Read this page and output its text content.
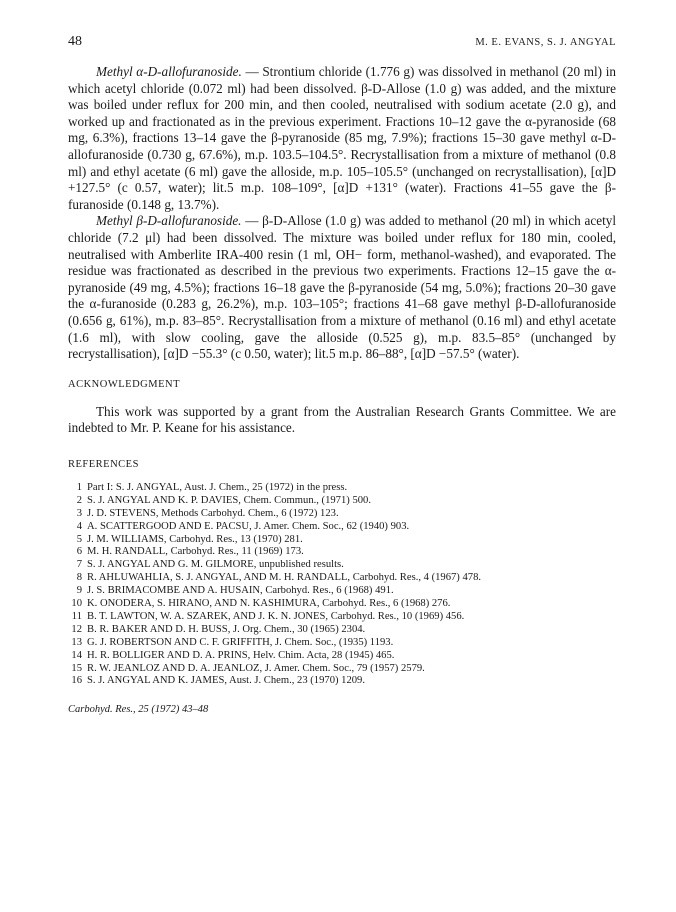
48	M. E. EVANS, S. J. ANGYAL

Methyl α-D-allofuranoside. — Strontium chloride (1.776 g) was dissolved in methanol (20 ml) in which acetyl chloride (0.072 ml) had been dissolved. β-D-Allose (1.0 g) was added, and the mixture was boiled under reflux for 200 min, and then cooled, neutralised with sodium acetate (2.0 g), and worked up and fractionated as in the previous experiment. Fractions 10–12 gave the α-pyranoside (68 mg, 6.3%), fractions 13–14 gave the β-pyranoside (85 mg, 7.9%); fractions 15–30 gave methyl α-D-allofuranoside (0.730 g, 67.6%), m.p. 103.5–104.5°. Recrystallisation from a mixture of methanol (0.8 ml) and ethyl acetate (6 ml) gave the alloside, m.p. 105–105.5° (unchanged on recrystallisation), [α]D +127.5° (c 0.57, water); lit.5 m.p. 108–109°, [α]D +131° (water). Fractions 41–55 gave the β-furanoside (0.148 g, 13.7%).

Methyl β-D-allofuranoside. — β-D-Allose (1.0 g) was added to methanol (20 ml) in which acetyl chloride (7.2 μl) had been dissolved. The mixture was boiled under reflux for 180 min, cooled, neutralised with Amberlite IRA-400 resin (1 ml, OH− form, methanol-washed), and evaporated. The residue was fractionated as described in the previous two experiments. Fractions 12–15 gave the α-pyranoside (49 mg, 4.5%); fractions 16–18 gave the β-pyranoside (54 mg, 5.0%); fractions 20–30 gave the α-furanoside (0.283 g, 26.2%), m.p. 103–105°; fractions 41–68 gave methyl β-D-allofuranoside (0.656 g, 61%), m.p. 83–85°. Recrystallisation from a mixture of methanol (0.16 ml) and ethyl acetate (1.6 ml), with slow cooling, gave the alloside (0.525 g), m.p. 83.5–85° (unchanged by recrystallisation), [α]D −55.3° (c 0.50, water); lit.5 m.p. 86–88°, [α]D −57.5° (water).

ACKNOWLEDGMENT

This work was supported by a grant from the Australian Research Grants Committee. We are indebted to Mr. P. Keane for his assistance.

REFERENCES
1 Part I: S. J. ANGYAL, Aust. J. Chem., 25 (1972) in the press.
2 S. J. ANGYAL AND K. P. DAVIES, Chem. Commun., (1971) 500.
3 J. D. STEVENS, Methods Carbohyd. Chem., 6 (1972) 123.
4 A. SCATTERGOOD AND E. PACSU, J. Amer. Chem. Soc., 62 (1940) 903.
5 J. M. WILLIAMS, Carbohyd. Res., 13 (1970) 281.
6 M. H. RANDALL, Carbohyd. Res., 11 (1969) 173.
7 S. J. ANGYAL AND G. M. GILMORE, unpublished results.
8 R. AHLUWAHLIA, S. J. ANGYAL, AND M. H. RANDALL, Carbohyd. Res., 4 (1967) 478.
9 J. S. BRIMACOMBE AND A. HUSAIN, Carbohyd. Res., 6 (1968) 491.
10 K. ONODERA, S. HIRANO, AND N. KASHIMURA, Carbohyd. Res., 6 (1968) 276.
11 B. T. LAWTON, W. A. SZAREK, AND J. K. N. JONES, Carbohyd. Res., 10 (1969) 456.
12 B. R. BAKER AND D. H. BUSS, J. Org. Chem., 30 (1965) 2304.
13 G. J. ROBERTSON AND C. F. GRIFFITH, J. Chem. Soc., (1935) 1193.
14 H. R. BOLLIGER AND D. A. PRINS, Helv. Chim. Acta, 28 (1945) 465.
15 R. W. JEANLOZ AND D. A. JEANLOZ, J. Amer. Chem. Soc., 79 (1957) 2579.
16 S. J. ANGYAL AND K. JAMES, Aust. J. Chem., 23 (1970) 1209.
Carbohyd. Res., 25 (1972) 43–48
